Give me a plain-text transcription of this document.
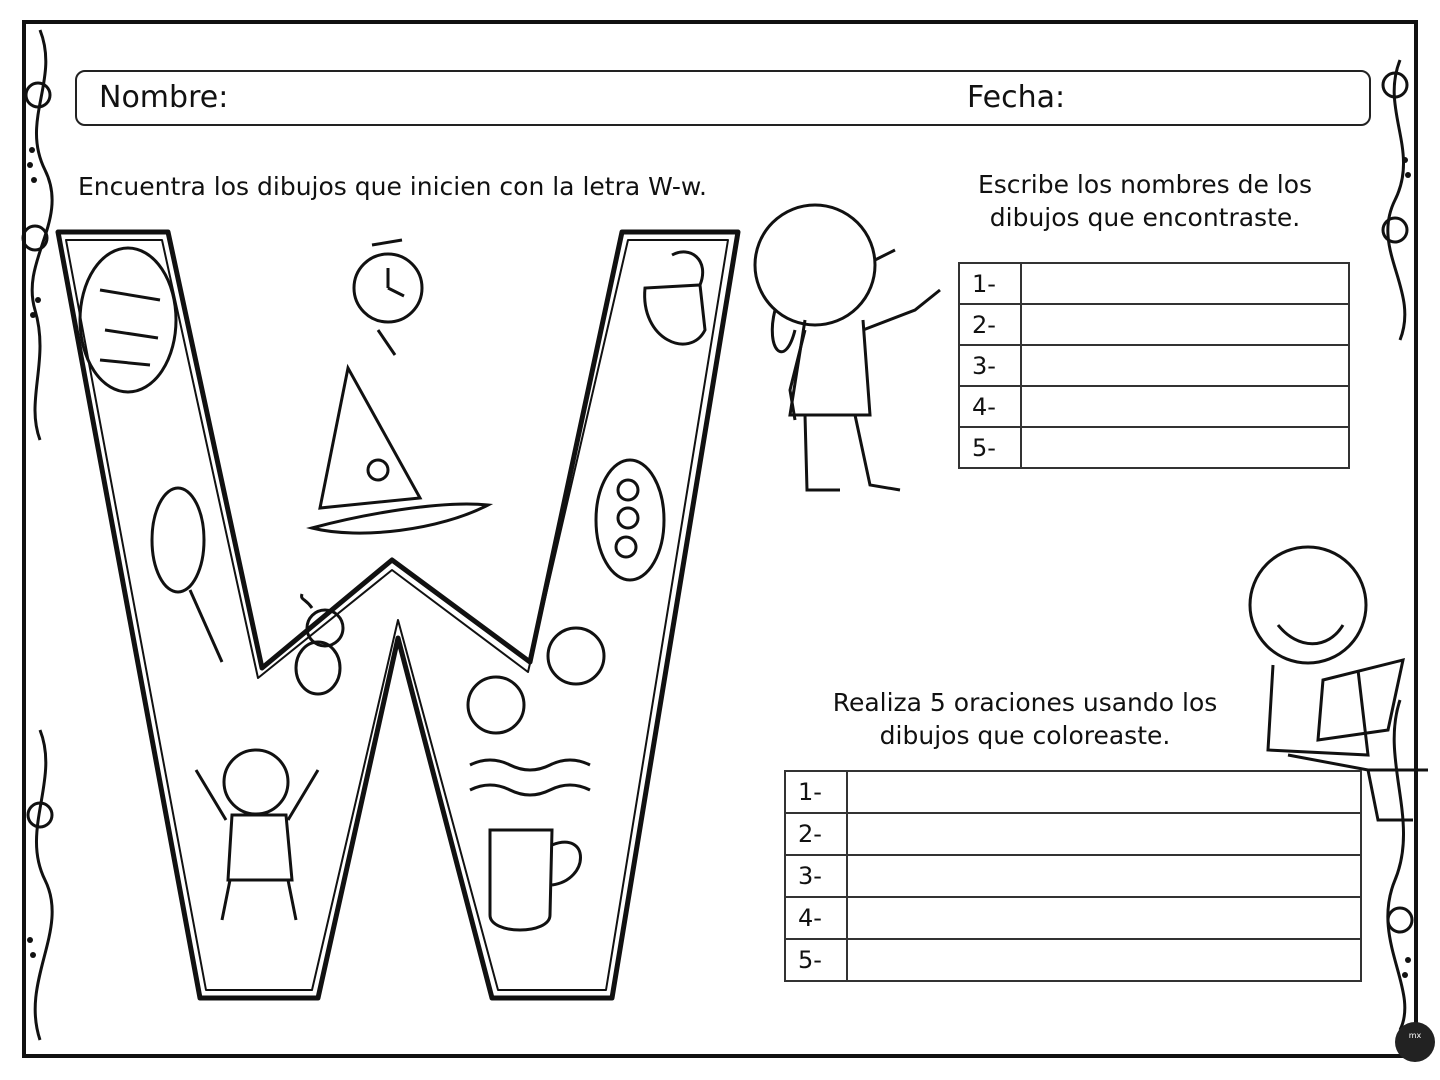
Nombre:	Fecha:
Encuentra los dibujos que inicien con la letra W-w.	Escribe los nombres de los
dibujos que encontraste.
Realiza 5 oraciones usando los
dibujos que coloreaste.
1-	
2-	
3-	
4-	
5-	
1-	
2-	
3-	
4-	
5-	
mx
